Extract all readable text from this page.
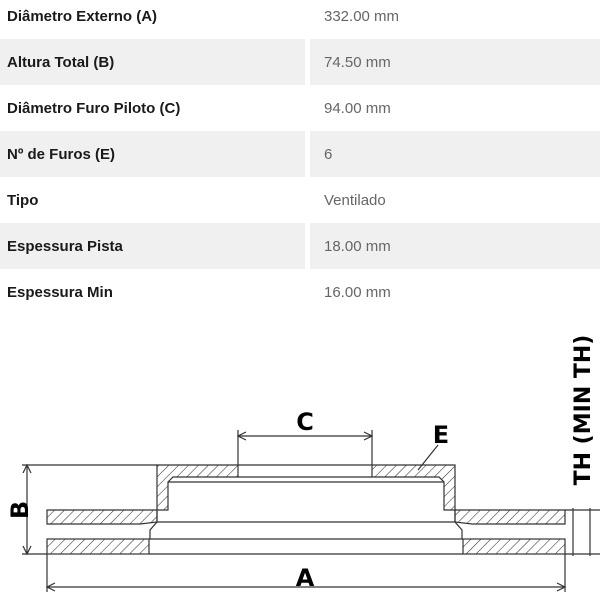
Diâmetro Externo (A)	332.00 mm
Altura Total (B)	74.50 mm
Diâmetro Furo Piloto (C)	94.00 mm
Nº de Furos (E)	6
Tipo	Ventilado
Espessura Pista	18.00 mm
Espessura Min	16.00 mm
C	E
B
A
TH (MIN TH)
